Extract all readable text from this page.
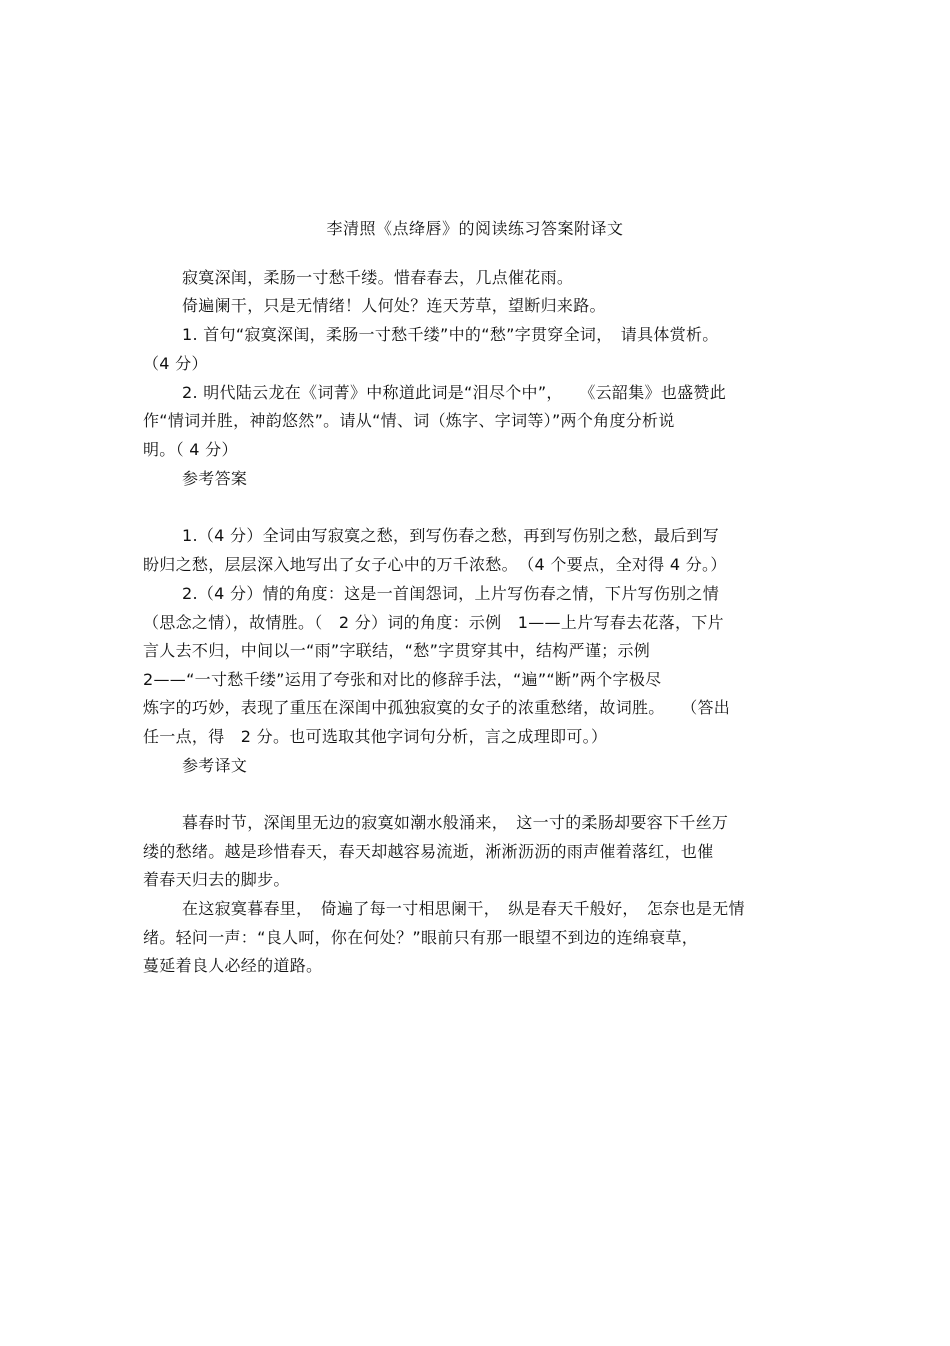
李清照《点绛唇》的阅读练习答案附译文
寂寞深闺，柔肠一寸愁千缕。惜春春去，几点催花雨。
倚遍阑干，只是无情绪！人何处？连天芳草，望断归来路。
1. 首句“寂寞深闺，柔肠一寸愁千缕”中的“愁”字贯穿全词，　请具体赏析。
（4 分）
2. 明代陆云龙在《词菁》中称道此词是“泪尽个中”，　　《云韶集》也盛赞此
作“情词并胜，神韵悠然”。请从“情、词（炼字、字词等）”两个角度分析说
明。（ 4 分）
参考答案
1.（4 分）全词由写寂寞之愁，到写伤春之愁，再到写伤别之愁，最后到写
盼归之愁，层层深入地写出了女子心中的万千浓愁。　（4 个要点，全对得 4 分。）
2.（4 分）情的角度：这是一首闺怨词，上片写伤春之情，下片写伤别之情
（思念之情），故情胜。（　2 分）词的角度：示例　1——上片写春去花落，下片
言人去不归，中间以一“雨”字联结，“愁”字贯穿其中，结构严谨；示例
2——“一寸愁千缕”运用了夸张和对比的修辞手法，“遍”“断”两个字极尽
炼字的巧妙，表现了重压在深闺中孤独寂寞的女子的浓重愁绪，故词胜。　　（答出
任一点，得　2 分。也可选取其他字词句分析，言之成理即可。）
参考译文
暮春时节，深闺里无边的寂寞如潮水般涌来，　这一寸的柔肠却要容下千丝万
缕的愁绪。越是珍惜春天，春天却越容易流逝，淅淅沥沥的雨声催着落红，也催
着春天归去的脚步。
在这寂寞暮春里，　倚遍了每一寸相思阑干，　纵是春天千般好，　怎奈也是无情
绪。轻问一声：“良人呵，你在何处？”眼前只有那一眼望不到边的连绵衰草，
蔓延着良人必经的道路。
